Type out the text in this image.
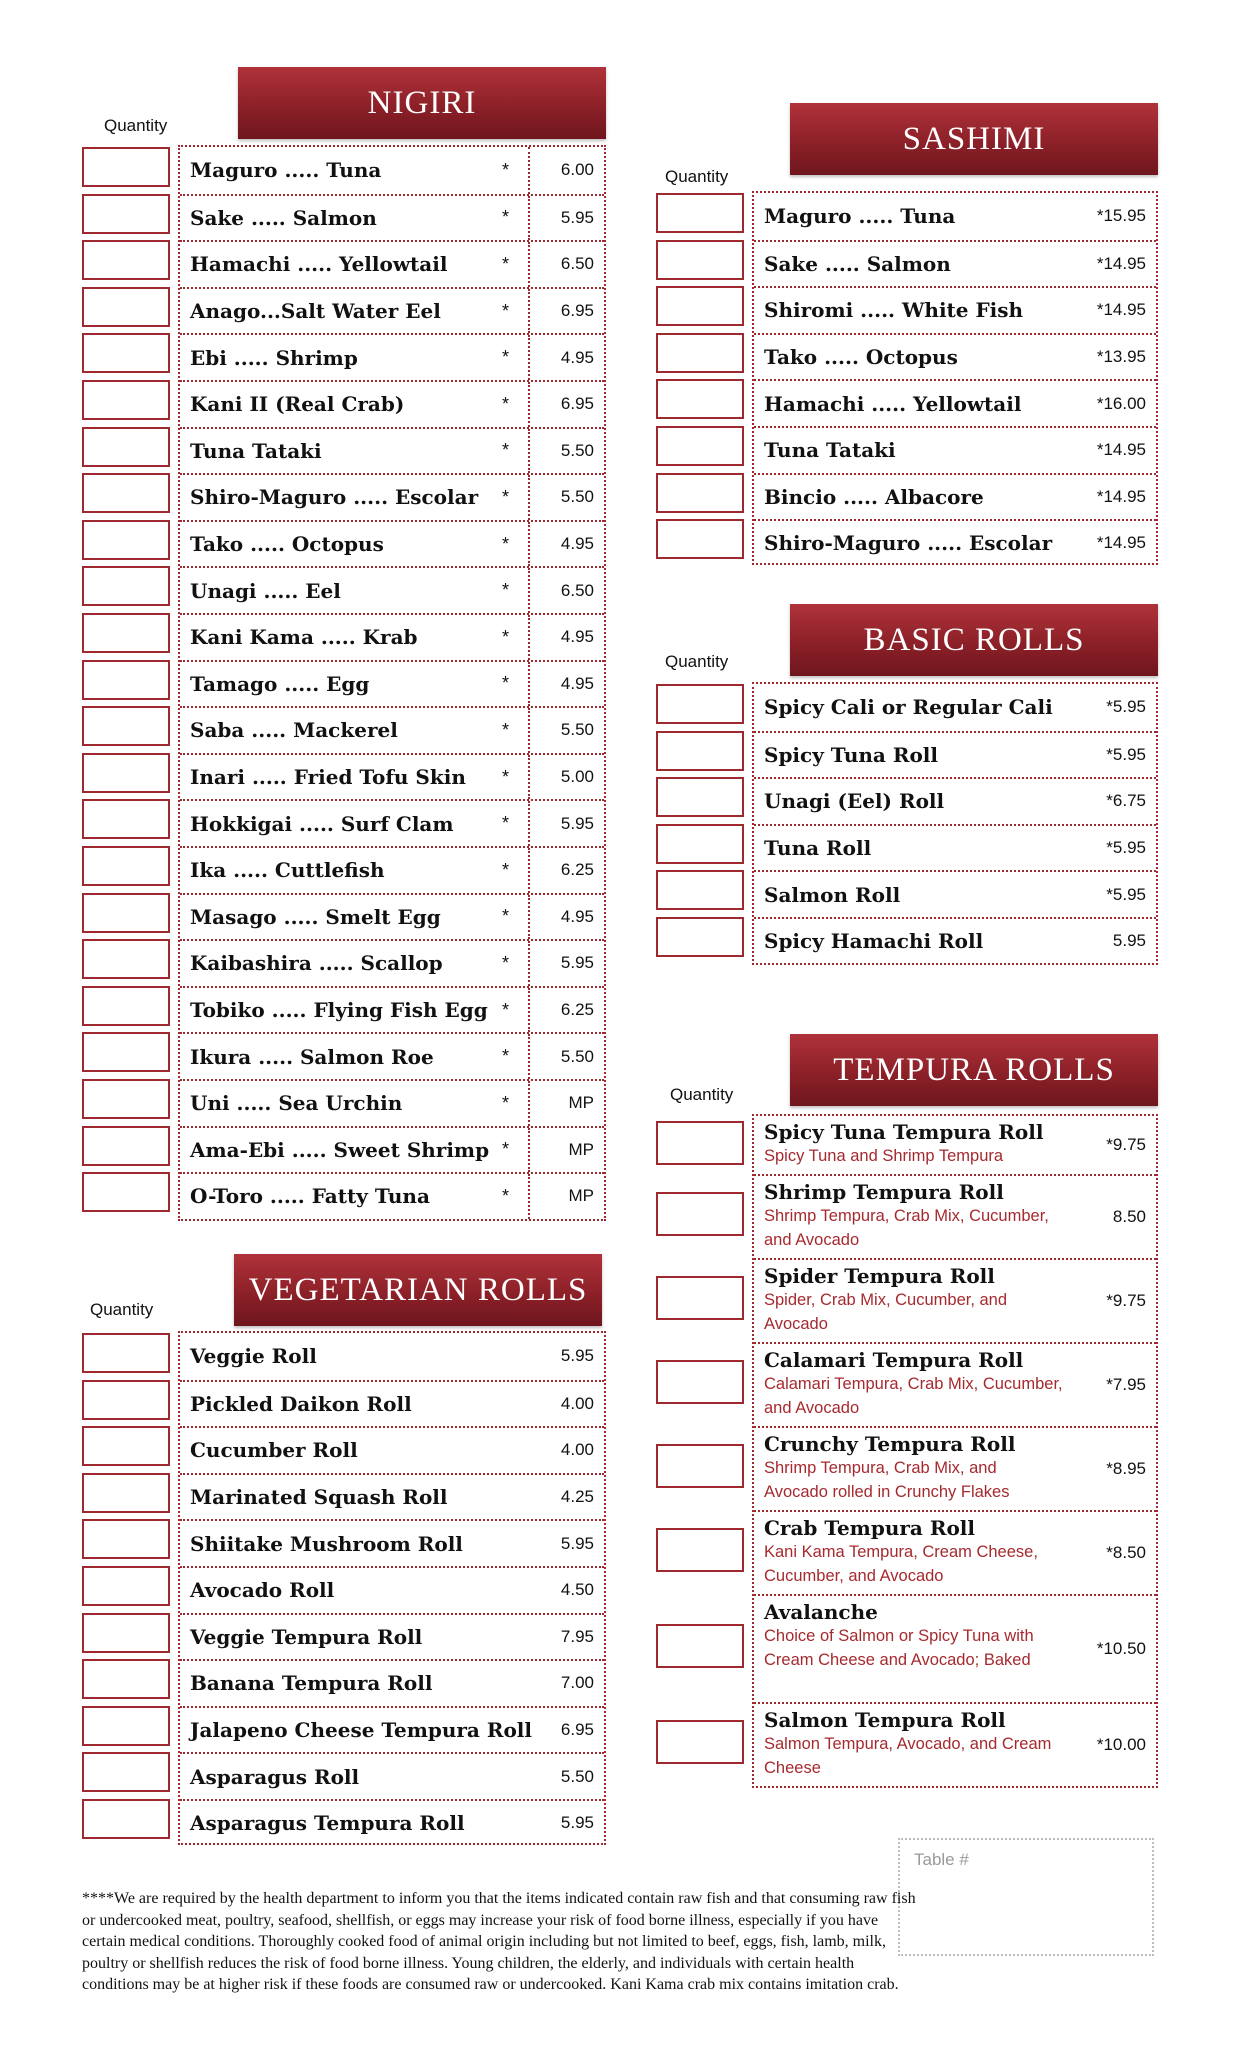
NIGIRI
Quantity
Maguro ..... Tuna	*	6.00
Sake ..... Salmon	*	5.95
Hamachi ..... Yellowtail	*	6.50
Anago...Salt Water Eel	*	6.95
Ebi ..... Shrimp	*	4.95
Kani II (Real Crab)	*	6.95
Tuna Tataki	*	5.50
Shiro-Maguro ..... Escolar *	5.50
Tako ..... Octopus	*	4.95
Unagi ..... Eel	*	6.50
Kani Kama ..... Krab	*	4.95
Tamago ..... Egg	*	4.95
Saba ..... Mackerel	*	5.50
Inari ..... Fried Tofu Skin *	5.00
Hokkigai ..... Surf Clam	*	5.95
Ika ..... Cuttlefish	*	6.25
Masago ..... Smelt Egg	*	4.95
Kaibashira ..... Scallop	*	5.95
Tobiko ..... Flying Fish Egg *	6.25
Ikura ..... Salmon Roe	*	5.50
Uni ..... Sea Urchin	*	MP
Ama-Ebi ..... Sweet Shrimp *	MP
O-Toro ..... Fatty Tuna	*	MP
VEGETARIAN ROLLS
Quantity
Veggie Roll	5.95
Pickled Daikon Roll	4.00
Cucumber Roll	4.00
Marinated Squash Roll	4.25
Shiitake Mushroom Roll	5.95
Avocado Roll	4.50
Veggie Tempura Roll	7.95
Banana Tempura Roll	7.00
Jalapeno Cheese Tempura Roll 6.95
Asparagus Roll	5.50
Asparagus Tempura Roll	5.95
SASHIMI
Quantity
Maguro ..... Tuna	*15.95
Sake ..... Salmon	*14.95
Shiromi ..... White Fish	*14.95
Tako ..... Octopus	*13.95
Hamachi ..... Yellowtail	*16.00
Tuna Tataki	*14.95
Bincio ..... Albacore	*14.95
Shiro-Maguro ..... Escolar	*14.95
BASIC ROLLS
Quantity
Spicy Cali or Regular Cali	*5.95
Spicy Tuna Roll	*5.95
Unagi (Eel) Roll	*6.75
Tuna Roll	*5.95
Salmon Roll	*5.95
Spicy Hamachi Roll	5.95
TEMPURA ROLLS
Quantity
Spicy Tuna Tempura Roll
Spicy Tuna and Shrimp Tempura
*9.75
Shrimp Tempura Roll
Shrimp Tempura, Crab Mix, Cucumber, and Avocado
8.50
Spider Tempura Roll
Spider, Crab Mix, Cucumber, and Avocado
*9.75
Calamari Tempura Roll
Calamari Tempura, Crab Mix, Cucumber, and Avocado
*7.95
Crunchy Tempura Roll
Shrimp Tempura, Crab Mix, and Avocado rolled in Crunchy Flakes
*8.95
Crab Tempura Roll
Kani Kama Tempura, Cream Cheese, Cucumber, and Avocado
*8.50
Avalanche
Choice of Salmon or Spicy Tuna with Cream Cheese and Avocado; Baked
*10.50
Salmon Tempura Roll
Salmon Tempura, Avocado, and Cream Cheese
*10.00
Table #
****We are required by the health department to inform you that the items indicated contain raw fish and that consuming raw fish or undercooked meat, poultry, seafood, shellfish, or eggs may increase your risk of food borne illness, especially if you have certain medical conditions. Thoroughly cooked food of animal origin including but not limited to beef, eggs, fish, lamb, milk, poultry or shellfish reduces the risk of food borne illness. Young children, the elderly, and individuals with certain health conditions may be at higher risk if these foods are consumed raw or undercooked. Kani Kama crab mix contains imitation crab.
